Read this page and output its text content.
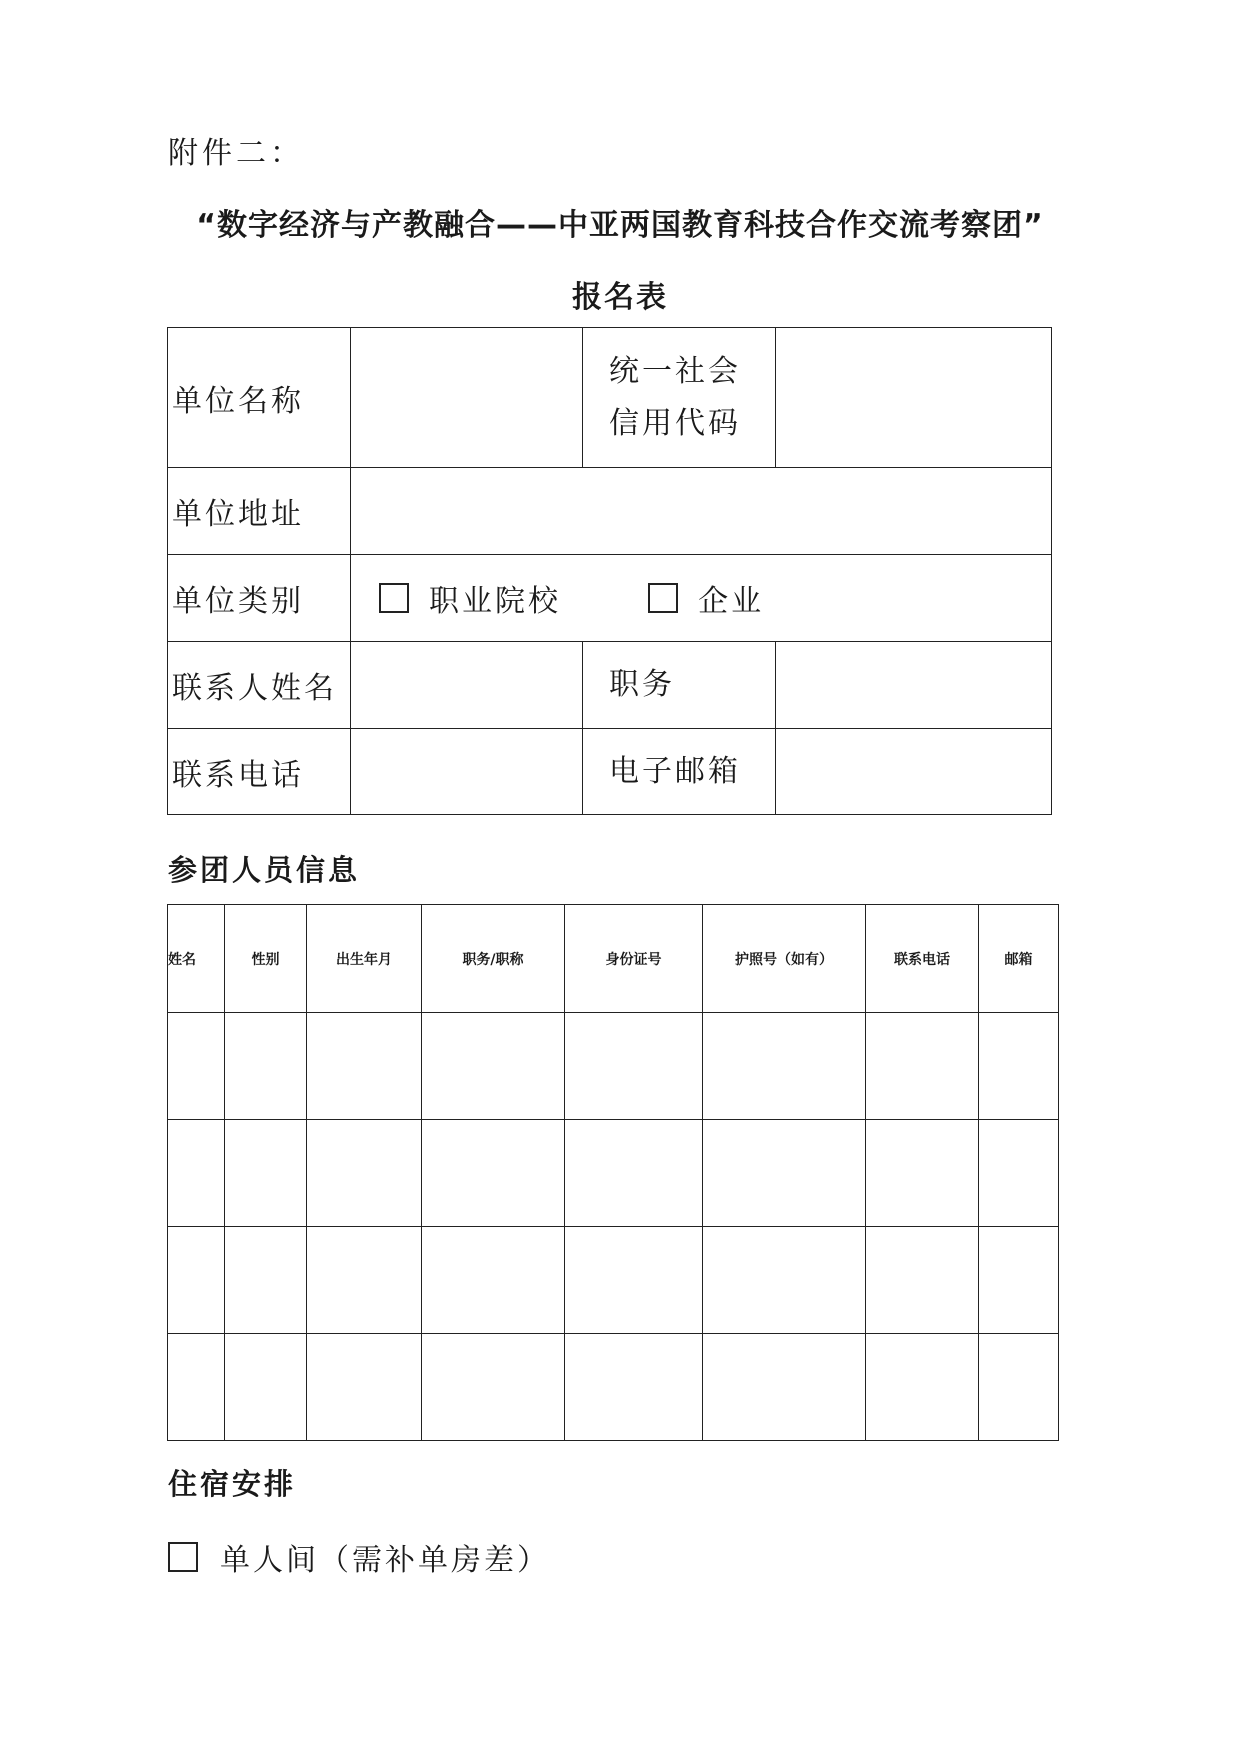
附件二：
“数字经济与产教融合——中亚两国教育科技合作交流考察团”
报名表
单位名称		统一社会
信用代码	

单位地址			
单位类别	职业院校
企业		

联系人姓名		职务	
联系电话		电子邮箱	
参团人员信息
姓名	性别	出生年月	职务/职称	身份证号	护照号（如有）	联系电话	邮箱

住宿安排
单人间（需补单房差）
